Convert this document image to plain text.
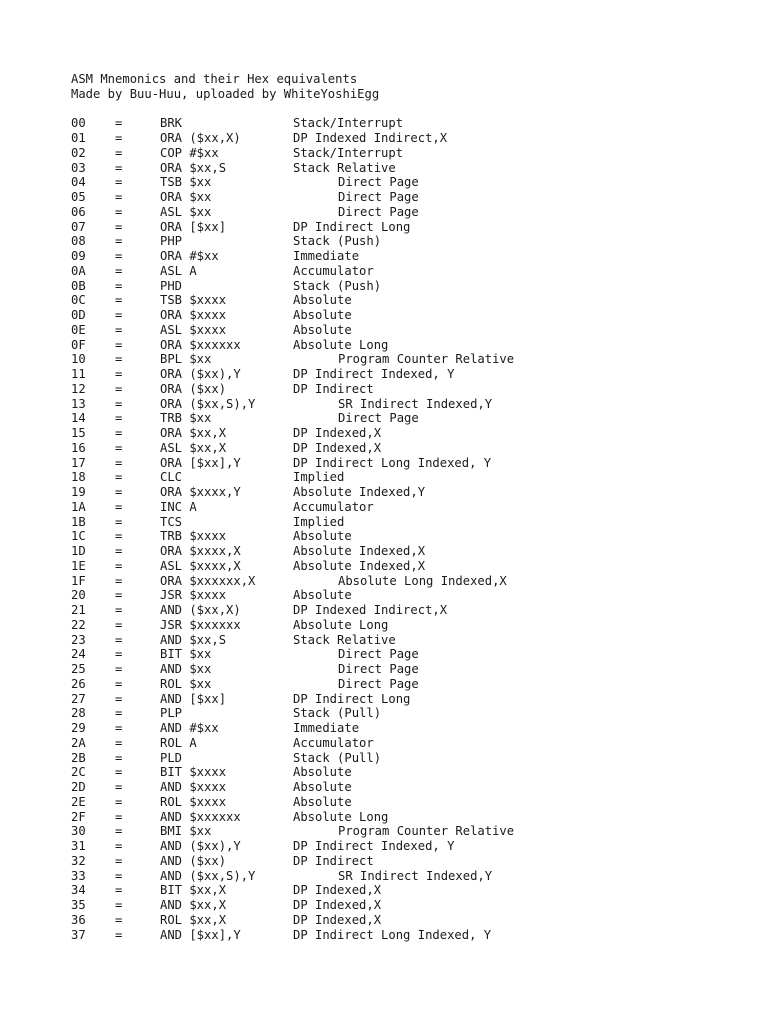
ASM Mnemonics and their Hex equivalents
Made by Buu-Huu, uploaded by WhiteYoshiEgg
00 =	BRK	Stack/Interrupt
01 =	ORA ($xx,X)	DP Indexed Indirect,X
02 =	COP #$xx	Stack/Interrupt
03 =	ORA $xx,S	Stack Relative
04 =	TSB $xx	Direct Page
05 =	ORA $xx	Direct Page
06 =	ASL $xx	Direct Page
07 =	ORA [$xx]	DP Indirect Long
08 =	PHP	Stack (Push)
09 =	ORA #$xx	Immediate
0A =	ASL A	Accumulator
0B =	PHD	Stack (Push)
0C =	TSB $xxxx	Absolute
0D =	ORA $xxxx	Absolute
0E =	ASL $xxxx	Absolute
0F =	ORA $xxxxxx	Absolute Long
10 =	BPL $xx	Program Counter Relative
11 =	ORA ($xx),Y	DP Indirect Indexed, Y
12 =	ORA ($xx)	DP Indirect
13 =	ORA ($xx,S),Y	SR Indirect Indexed,Y
14 =	TRB $xx	Direct Page
15 =	ORA $xx,X	DP Indexed,X
16 =	ASL $xx,X	DP Indexed,X
17 =	ORA [$xx],Y	DP Indirect Long Indexed, Y
18 =	CLC	Implied
19 =	ORA $xxxx,Y	Absolute Indexed,Y
1A =	INC A	Accumulator
1B =	TCS	Implied
1C =	TRB $xxxx	Absolute
1D =	ORA $xxxx,X	Absolute Indexed,X
1E =	ASL $xxxx,X	Absolute Indexed,X
1F =	ORA $xxxxxx,X	Absolute Long Indexed,X
20 =	JSR $xxxx	Absolute
21 =	AND ($xx,X)	DP Indexed Indirect,X
22 =	JSR $xxxxxx	Absolute Long
23 =	AND $xx,S	Stack Relative
24 =	BIT $xx	Direct Page
25 =	AND $xx	Direct Page
26 =	ROL $xx	Direct Page
27 =	AND [$xx]	DP Indirect Long
28 =	PLP	Stack (Pull)
29 =	AND #$xx	Immediate
2A =	ROL A	Accumulator
2B =	PLD	Stack (Pull)
2C =	BIT $xxxx	Absolute
2D =	AND $xxxx	Absolute
2E =	ROL $xxxx	Absolute
2F =	AND $xxxxxx	Absolute Long
30 =	BMI $xx	Program Counter Relative
31 =	AND ($xx),Y	DP Indirect Indexed, Y
32 =	AND ($xx)	DP Indirect
33 =	AND ($xx,S),Y	SR Indirect Indexed,Y
34 =	BIT $xx,X	DP Indexed,X
35 =	AND $xx,X	DP Indexed,X
36 =	ROL $xx,X	DP Indexed,X
37 =	AND [$xx],Y	DP Indirect Long Indexed, Y
